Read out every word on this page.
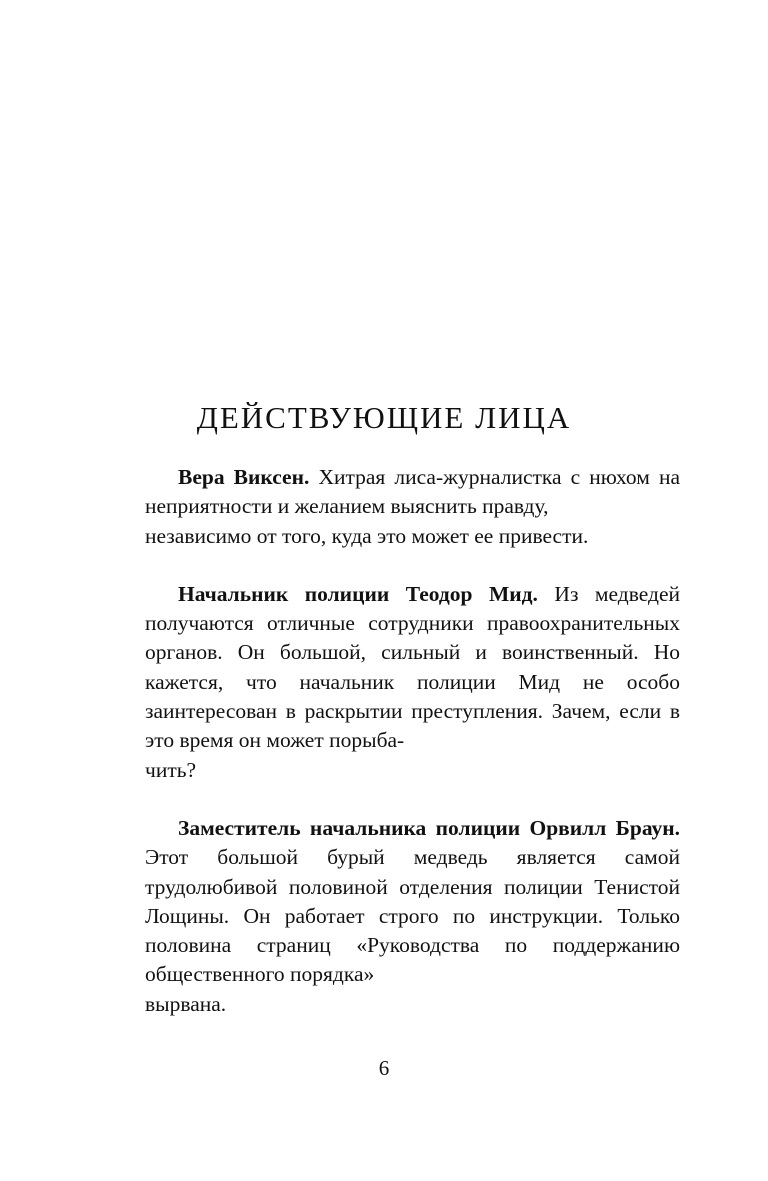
ДЕЙСТВУЮЩИЕ ЛИЦА

Вера Виксен. Хитрая лиса-журналистка с нюхом на неприятности и желанием выяснить правду,
независимо от того, куда это может ее привести.

Начальник полиции Теодор Мид. Из медведей получаются отличные сотрудники правоохранительных органов. Он большой, сильный и воинственный. Но кажется, что начальник полиции Мид не особо заинтересован в раскрытии преступления. Зачем, если в это время он может порыба-
чить?

Заместитель начальника полиции Орвилл Браун. Этот большой бурый медведь является самой трудолюбивой половиной отделения полиции Тенистой Лощины. Он работает строго по инструкции. Только половина страниц «Руководства по поддержанию общественного порядка»
вырвана.

6
